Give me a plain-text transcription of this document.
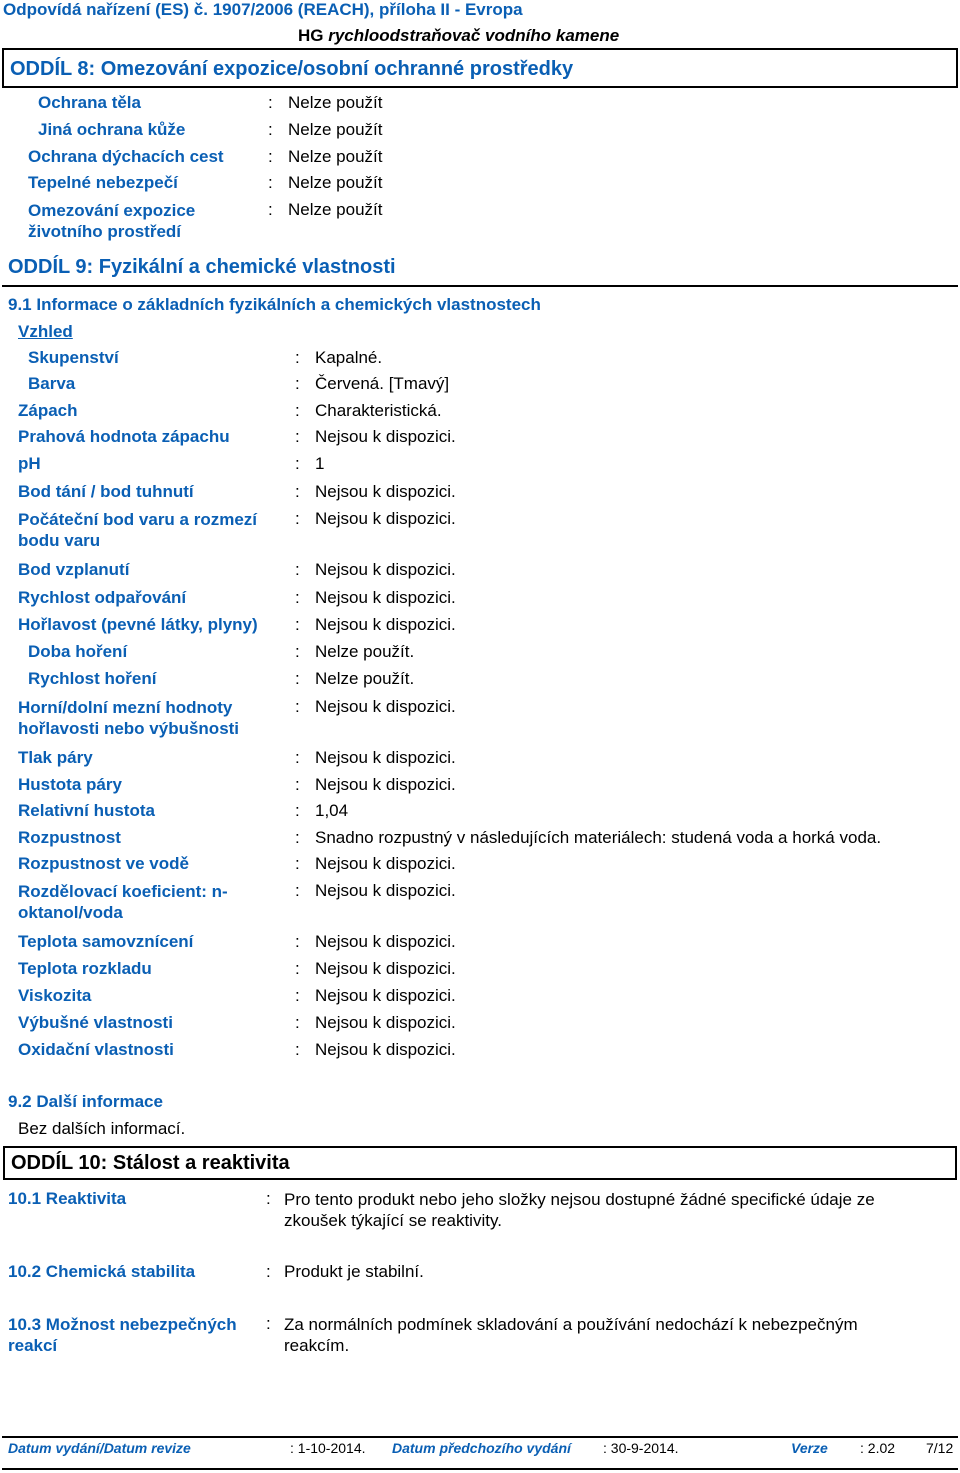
Odpovídá nařízení (ES) č. 1907/2006 (REACH), příloha II - Evropa
HG rychloodstraňovač vodního kamene
ODDÍL 8: Omezování expozice/osobní ochranné prostředky
Ochrana těla	: Nelze použít
Jiná ochrana kůže	: Nelze použít
Ochrana dýchacích cest	: Nelze použít
Tepelné nebezpečí	: Nelze použít
Omezování expozice životního prostředí
: Nelze použít
ODDÍL 9: Fyzikální a chemické vlastnosti
9.1 Informace o základních fyzikálních a chemických vlastnostech
Vzhled
Skupenství	: Kapalné.
Barva	: Červená. [Tmavý]
Zápach	: Charakteristická.
Prahová hodnota zápachu	: Nejsou k dispozici.
pH	: 1
Bod tání / bod tuhnutí	: Nejsou k dispozici.
Počáteční bod varu a rozmezí bodu varu
: Nejsou k dispozici.
Bod vzplanutí	: Nejsou k dispozici.
Rychlost odpařování	: Nejsou k dispozici.
Hořlavost (pevné látky, plyny) : Nejsou k dispozici.
Doba hoření	: Nelze použít.
Rychlost hoření	: Nelze použít.
Horní/dolní mezní hodnoty hořlavosti nebo výbušnosti
: Nejsou k dispozici.
Tlak páry	: Nejsou k dispozici.
Hustota páry	: Nejsou k dispozici.
Relativní hustota	: 1,04
Rozpustnost	: Snadno rozpustný v následujících materiálech: studená voda a horká voda.
Rozpustnost ve vodě	: Nejsou k dispozici.
Rozdělovací koeficient: n-oktanol/voda
: Nejsou k dispozici.
Teplota samovznícení	: Nejsou k dispozici.
Teplota rozkladu	: Nejsou k dispozici.
Viskozita	: Nejsou k dispozici.
Výbušné vlastnosti	: Nejsou k dispozici.
Oxidační vlastnosti	: Nejsou k dispozici.
9.2 Další informace
Bez dalších informací.
ODDÍL 10: Stálost a reaktivita
10.1 Reaktivita	: Pro tento produkt nebo jeho složky nejsou dostupné žádné specifické údaje ze zkoušek týkající se reaktivity.
10.2 Chemická stabilita	: Produkt je stabilní.
10.3 Možnost nebezpečných reakcí
: Za normálních podmínek skladování a používání nedochází k nebezpečným reakcím.
Datum vydání/Datum revize	: 1-10-2014. Datum předchozího vydání : 30-9-2014.	Verze : 2.02 7/12
